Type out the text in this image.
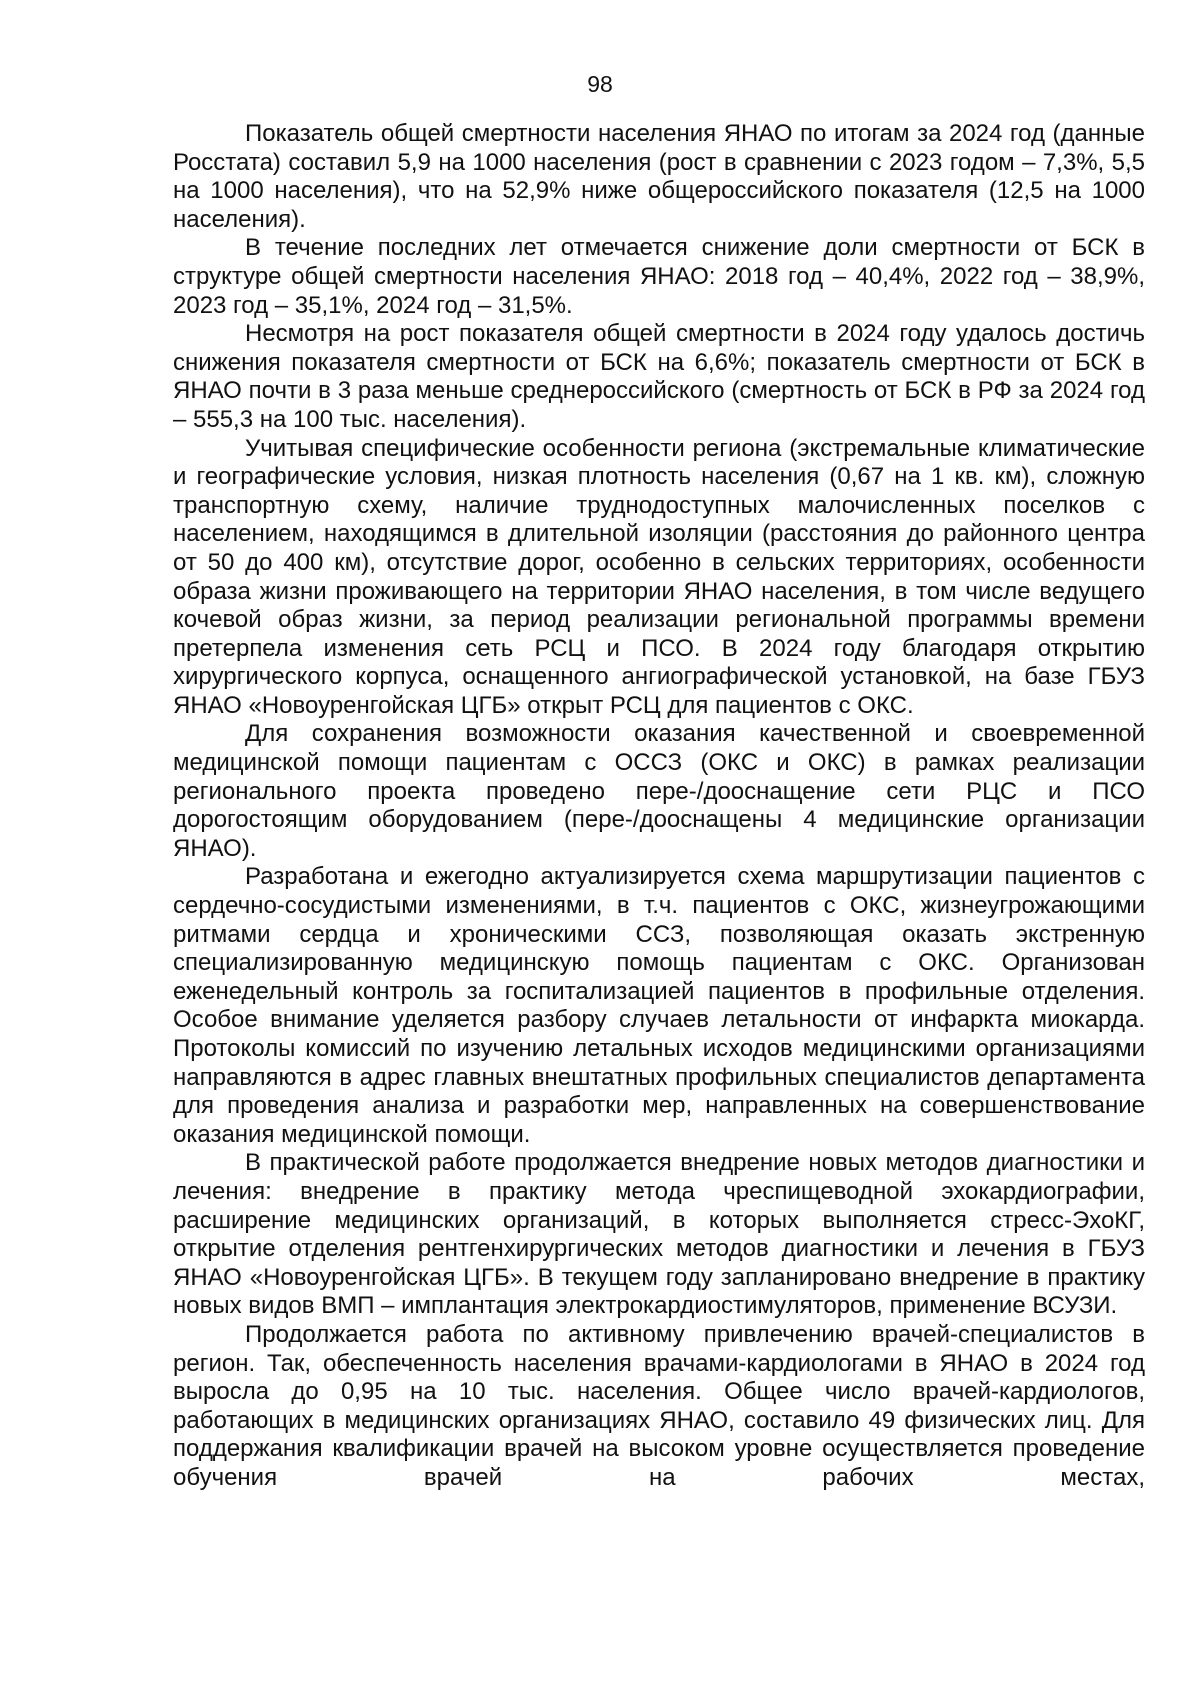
98

Показатель общей смертности населения ЯНАО по итогам за 2024 год (данные Росстата) составил 5,9 на 1000 населения (рост в сравнении с 2023 годом – 7,3%, 5,5 на 1000 населения), что на 52,9% ниже общероссийского показателя (12,5 на 1000 населения).

В течение последних лет отмечается снижение доли смертности от БСК в структуре общей смертности населения ЯНАО: 2018 год – 40,4%, 2022 год – 38,9%, 2023 год – 35,1%, 2024 год – 31,5%.

Несмотря на рост показателя общей смертности в 2024 году удалось достичь снижения показателя смертности от БСК на 6,6%; показатель смертности от БСК в ЯНАО почти в 3 раза меньше среднероссийского (смертность от БСК в РФ за 2024 год – 555,3 на 100 тыс. населения).

Учитывая специфические особенности региона (экстремальные климатические и географические условия, низкая плотность населения (0,67 на 1 кв. км), сложную транспортную схему, наличие труднодоступных малочисленных поселков с населением, находящимся в длительной изоляции (расстояния до районного центра от 50 до 400 км), отсутствие дорог, особенно в сельских территориях, особенности образа жизни проживающего на территории ЯНАО населения, в том числе ведущего кочевой образ жизни, за период реализации региональной программы времени претерпела изменения сеть РСЦ и ПСО. В 2024 году благодаря открытию хирургического корпуса, оснащенного ангиографической установкой, на базе ГБУЗ ЯНАО «Новоуренгойская ЦГБ» открыт РСЦ для пациентов с ОКС.

Для сохранения возможности оказания качественной и своевременной медицинской помощи пациентам с ОССЗ (ОКС и ОКС) в рамках реализации регионального проекта проведено пере-/дооснащение сети РЦС и ПСО дорогостоящим оборудованием (пере-/дооснащены 4 медицинские организации ЯНАО).

Разработана и ежегодно актуализируется схема маршрутизации пациентов с сердечно-сосудистыми изменениями, в т.ч. пациентов с ОКС, жизнеугрожающими ритмами сердца и хроническими ССЗ, позволяющая оказать экстренную специализированную медицинскую помощь пациентам с ОКС. Организован еженедельный контроль за госпитализацией пациентов в профильные отделения. Особое внимание уделяется разбору случаев летальности от инфаркта миокарда. Протоколы комиссий по изучению летальных исходов медицинскими организациями направляются в адрес главных внештатных профильных специалистов департамента для проведения анализа и разработки мер, направленных на совершенствование оказания медицинской помощи.

В практической работе продолжается внедрение новых методов диагностики и лечения: внедрение в практику метода чреспищеводной эхокардиографии, расширение медицинских организаций, в которых выполняется стресс-ЭхоКГ, открытие отделения рентгенхирургических методов диагностики и лечения в ГБУЗ ЯНАО «Новоуренгойская ЦГБ». В текущем году запланировано внедрение в практику новых видов ВМП – имплантация электрокардиостимуляторов, применение ВСУЗИ.

Продолжается работа по активному привлечению врачей-специалистов в регион. Так, обеспеченность населения врачами-кардиологами в ЯНАО в 2024 год выросла до 0,95 на 10 тыс. населения. Общее число врачей-кардиологов, работающих в медицинских организациях ЯНАО, составило 49 физических лиц. Для поддержания квалификации врачей на высоком уровне осуществляется проведение обучения врачей на рабочих местах,
